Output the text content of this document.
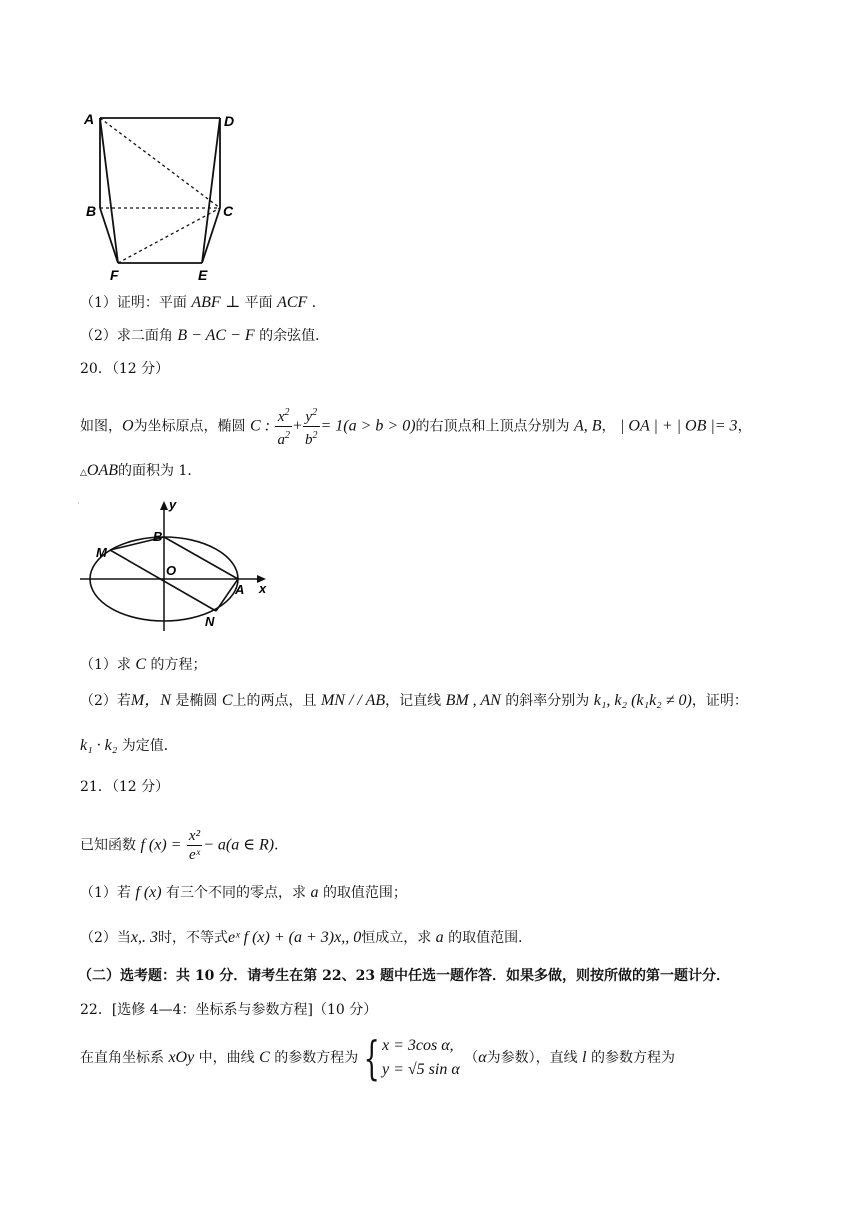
A	D
B	C
F	E
（1）证明：平面 ABF ⊥ 平面 ACF ．
（2）求二面角 B − AC − F 的余弦值．
20．（12 分）
如图，O为坐标原点，椭圆 C : $\frac{x^2}{a^2} + \frac{y^2}{b^2} = 1(a > b > 0)$的右顶点和上顶点分别为 A, B， | OA | + | OB |= 3，
△OAB的面积为 1．
y
B
M
O
A x
N
（1）求 C 的方程；
（2）若M，N 是椭圆 C上的两点，且 MN / / AB，记直线 BM , AN 的斜率分别为 k₁, k₂ (k₁k₂ ≠ 0)，证明：
k₁ · k₂ 为定值．
21．（12 分）
已知函数 f $(x) = \frac{\text{x²}}{\text{eˣ}} - a(a$ ∈ R)．
（1）若 f (x) 有三个不同的零点，求 a 的取值范围；
（2）当x,. 3时，不等式eˣ f (x) + (a + 3)x,, 0恒成立，求 a 的取值范围．
（二）选考题：共 10 分．请考生在第 22、23 题中任选一题作答．如果多做，则按所做的第一题计分．
22．[选修 4—4：坐标系与参数方程]（10 分）
在直角坐标系 xOy 中，曲线 C 的参数方程为 { x = 3cos α,
y = √5 sin α
（α为参数），直线 l 的参数方程为
